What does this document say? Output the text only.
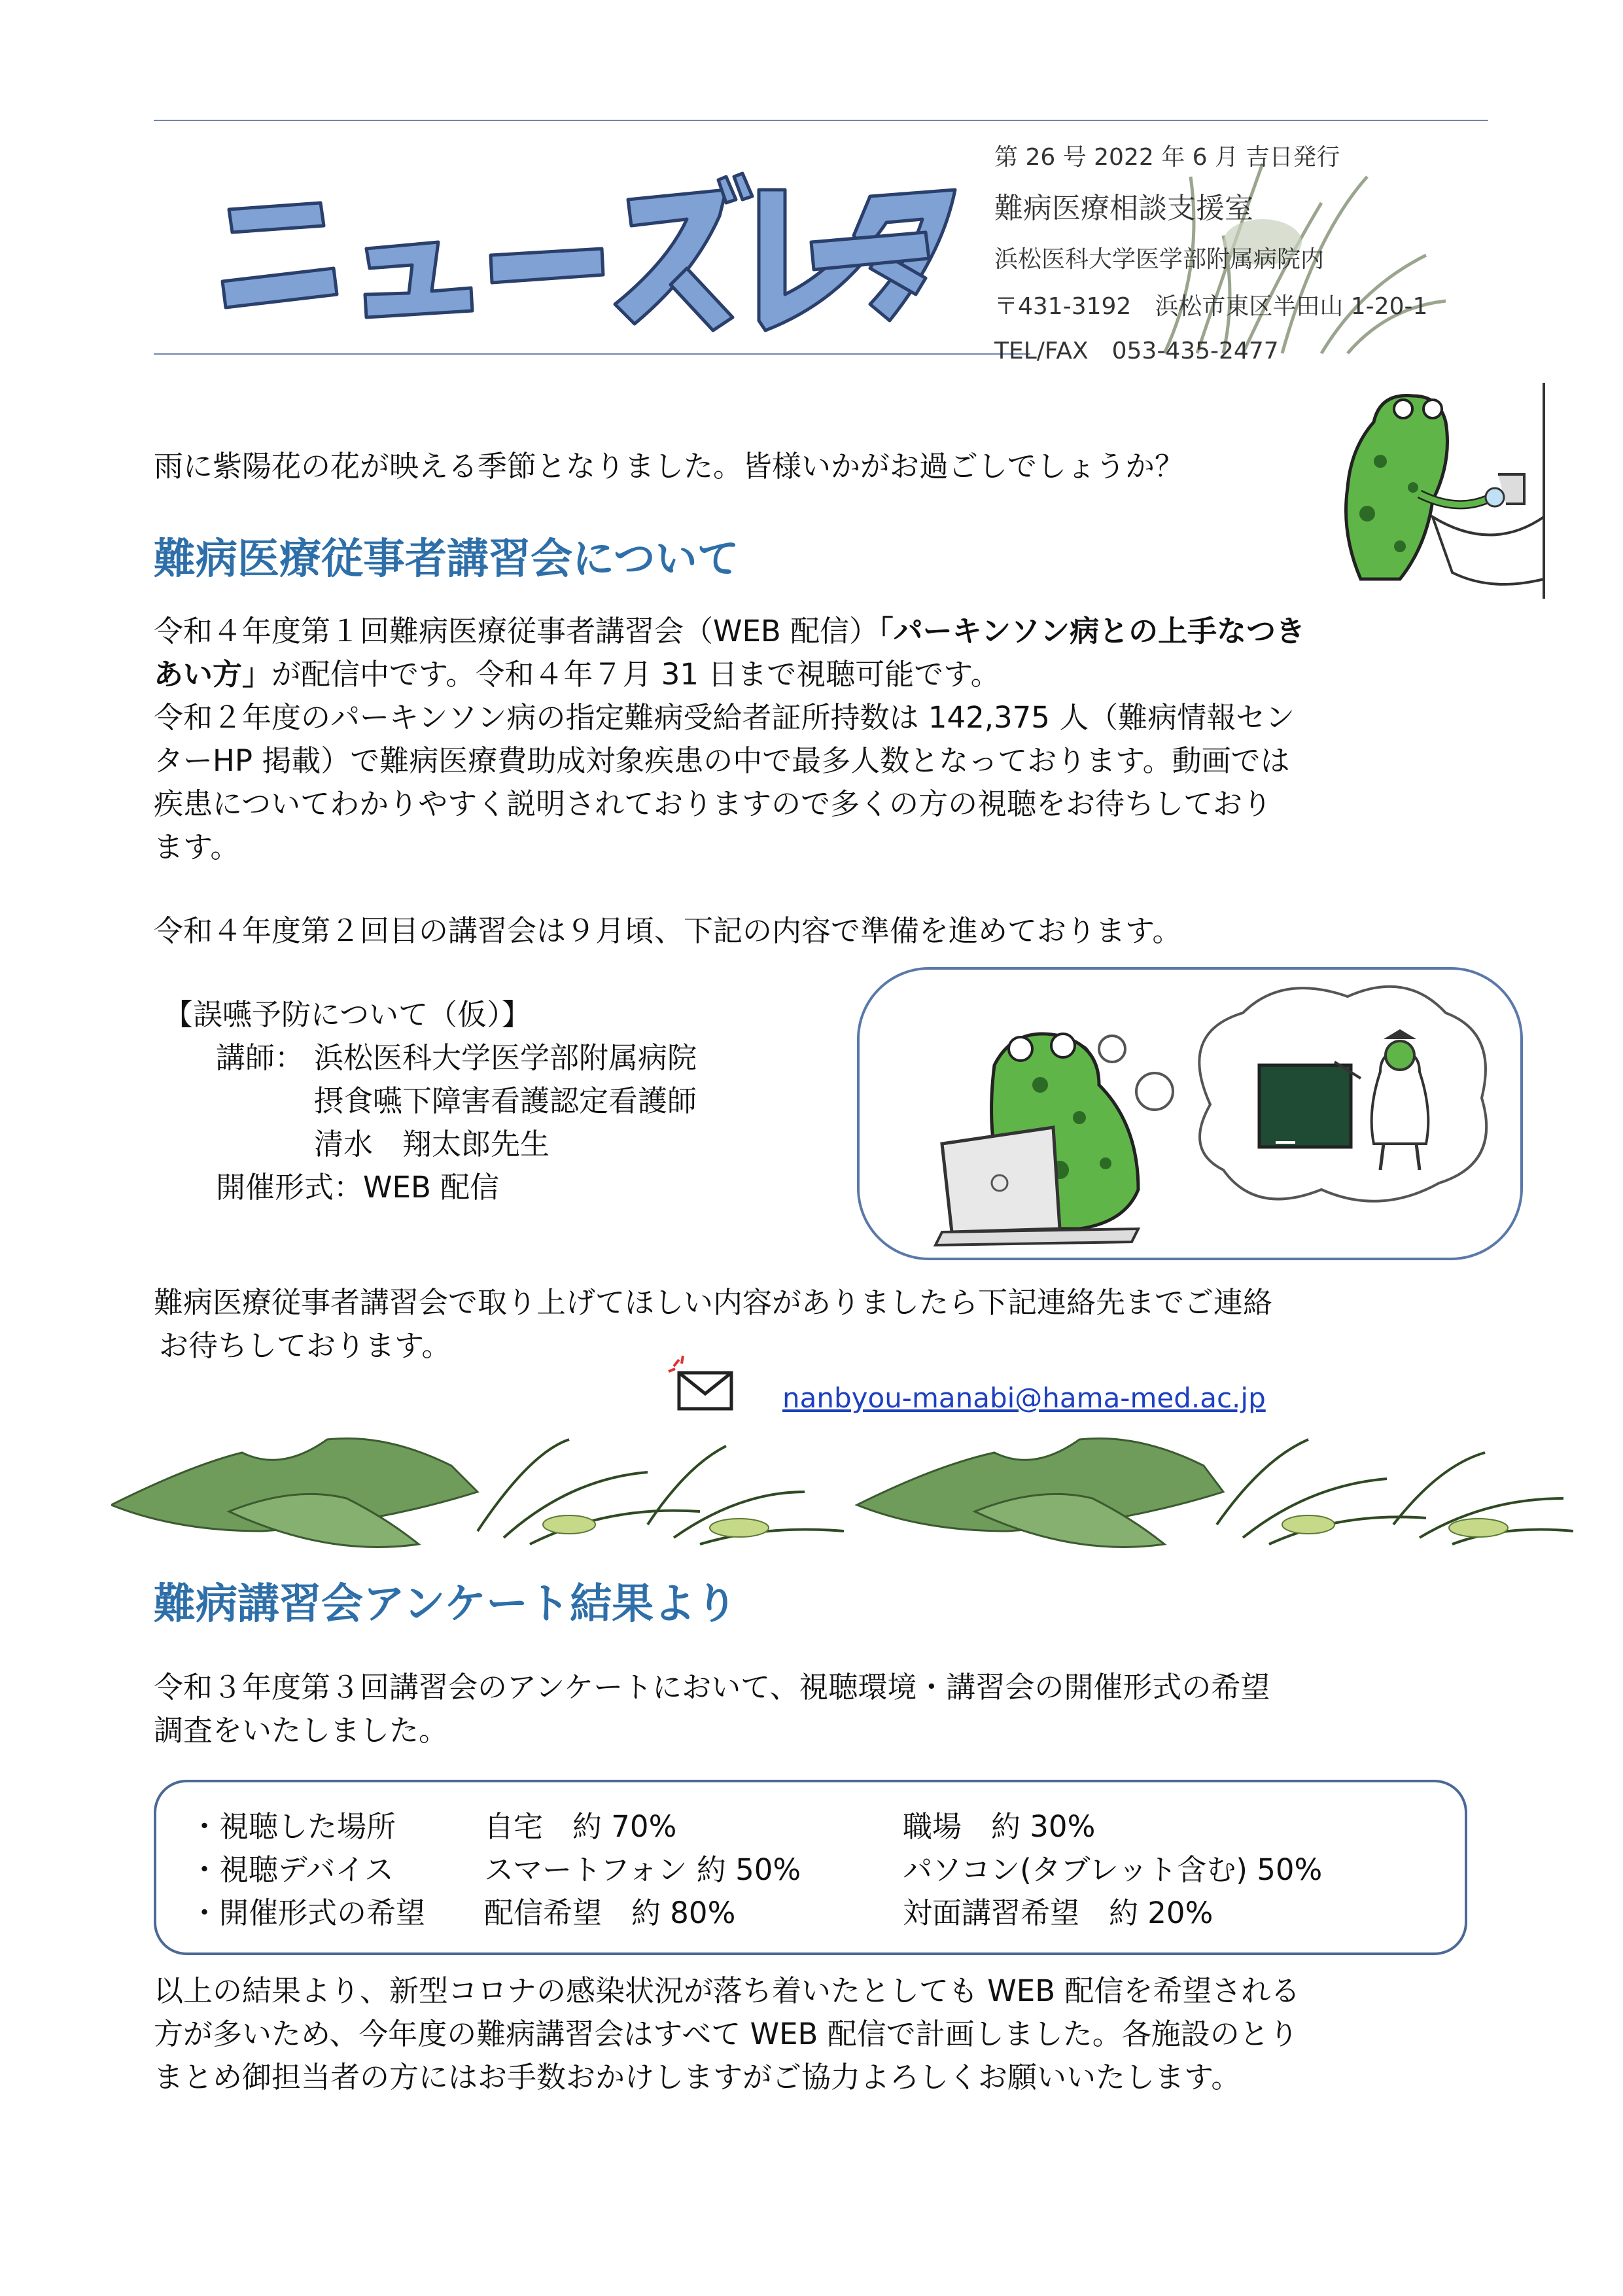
第 26 号 2022 年 6 月 吉日発行
難病医療相談支援室
浜松医科大学医学部附属病院内
〒431-3192　浜松市東区半田山 1-20-1
TEL/FAX　053-435-2477
雨に紫陽花の花が映える季節となりました。皆様いかがお過ごしでしょうか？
難病医療従事者講習会について
令和４年度第１回難病医療従事者講習会（WEB 配信）「パーキンソン病との上手なつき
あい方」が配信中です。令和４年７月 31 日まで視聴可能です。
令和２年度のパーキンソン病の指定難病受給者証所持数は 142,375 人（難病情報セン
ターHP 掲載）で難病医療費助成対象疾患の中で最多人数となっております。動画では
疾患についてわかりやすく説明されておりますので多くの方の視聴をお待ちしており
ます。
令和４年度第２回目の講習会は９月頃、下記の内容で準備を進めております。
【誤嚥予防について（仮）】
講師： 浜松医科大学医学部附属病院
摂食嚥下障害看護認定看護師
清水　翔太郎先生
開催形式： WEB 配信
難病医療従事者講習会で取り上げてほしい内容がありましたら下記連絡先までご連絡
お待ちしております。
nanbyou-manabi@hama-med.ac.jp
難病講習会アンケート結果より
令和３年度第３回講習会のアンケートにおいて、視聴環境・講習会の開催形式の希望
調査をいたしました。
・視聴した場所	自宅　約 70%	職場　約 30%
・視聴デバイス	スマートフォン 約 50%	パソコン(タブレット含む) 50%
・開催形式の希望 配信希望　約 80%	対面講習希望　約 20%
以上の結果より、新型コロナの感染状況が落ち着いたとしても WEB 配信を希望される
方が多いため、今年度の難病講習会はすべて WEB 配信で計画しました。各施設のとり
まとめ御担当者の方にはお手数おかけしますがご協力よろしくお願いいたします。
